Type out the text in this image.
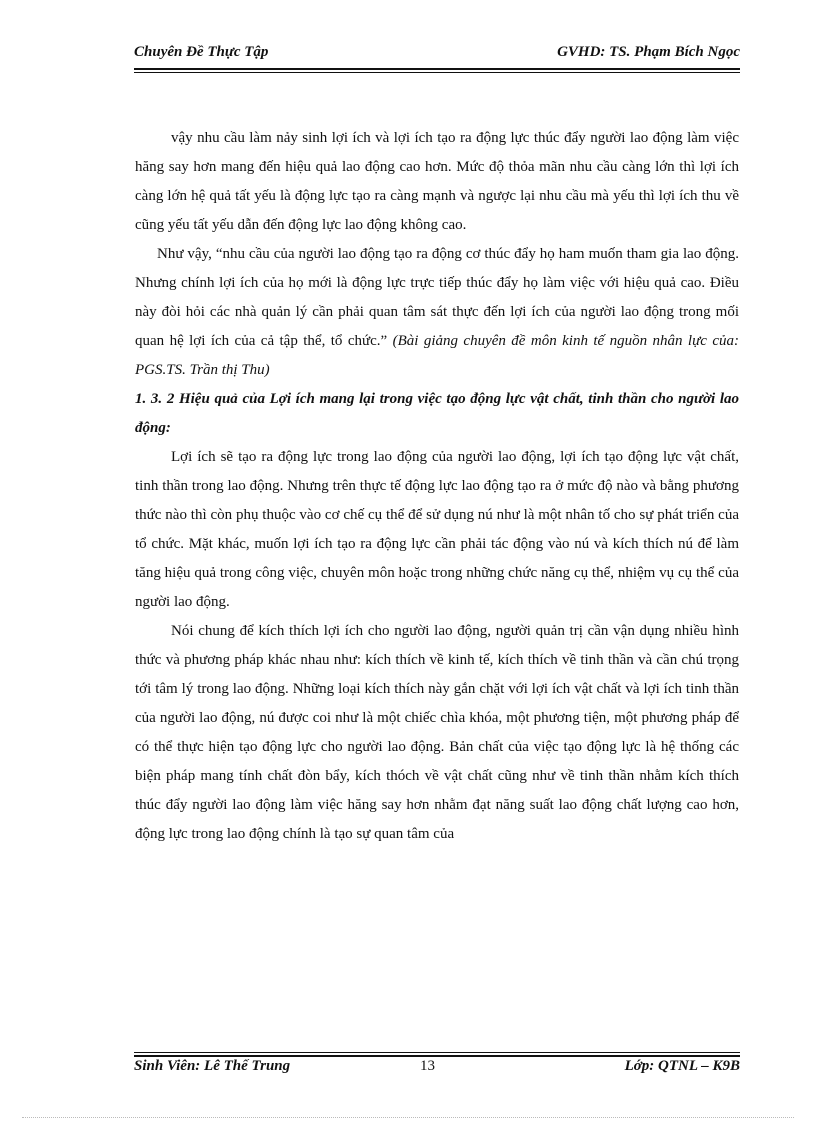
Chuyên Đề Thực Tập	GVHD: TS. Phạm Bích Ngọc

vậy nhu cầu làm nảy sinh lợi ích và lợi ích tạo ra động lực thúc đẩy người lao động làm việc hăng say hơn mang đến hiệu quả lao động cao hơn. Mức độ thỏa mãn nhu cầu càng lớn thì lợi ích càng lớn hệ quả tất yếu là động lực tạo ra càng mạnh và ngược lại nhu cầu mà yếu thì lợi ích thu về cũng yếu tất yếu dẫn đến động lực lao động không cao.

Như vậy, “nhu cầu của người lao động tạo ra động cơ thúc đẩy họ ham muốn tham gia lao động. Nhưng chính lợi ích của họ mới là động lực trực tiếp thúc đẩy họ làm việc với hiệu quả cao. Điều này đòi hỏi các nhà quản lý cần phải quan tâm sát thực đến lợi ích của người lao động trong mối quan hệ lợi ích của cả tập thể, tổ chức.” (Bài giảng chuyên đề môn kinh tế nguồn nhân lực của: PGS.TS. Trần thị Thu)

1. 3. 2 Hiệu quả của Lợi ích mang lại trong việc tạo động lực vật chất, tinh thần cho người lao động:

Lợi ích sẽ tạo ra động lực trong lao động của người lao động, lợi ích tạo động lực vật chất, tinh thần trong lao động. Nhưng trên thực tế động lực lao động tạo ra ở mức độ nào và bằng phương thức nào thì còn phụ thuộc vào cơ chế cụ thể để sử dụng nú như là một nhân tố cho sự phát triển của tổ chức. Mặt khác, muốn lợi ích tạo ra động lực cần phải tác động vào nú và kích thích nú để làm tăng hiệu quả trong công việc, chuyên môn hoặc trong những chức năng cụ thể, nhiệm vụ cụ thể của người lao động.

Nói chung để kích thích lợi ích cho người lao động, người quản trị cần vận dụng nhiều hình thức và phương pháp khác nhau như: kích thích về kinh tế, kích thích về tinh thần và cần chú trọng tới tâm lý trong lao động. Những loại kích thích này gắn chặt với lợi ích vật chất và lợi ích tinh thần của người lao động, nú được coi như là một chiếc chìa khóa, một phương tiện, một phương pháp để có thể thực hiện tạo động lực cho người lao động. Bản chất của việc tạo động lực là hệ thống các biện pháp mang tính chất đòn bẩy, kích thóch về vật chất cũng như về tinh thần nhằm kích thích thúc đẩy người lao động làm việc hăng say hơn nhằm đạt năng suất lao động chất lượng cao hơn, động lực trong lao động chính là tạo sự quan tâm của

Sinh Viên: Lê Thế Trung	13	Lớp: QTNL – K9B
